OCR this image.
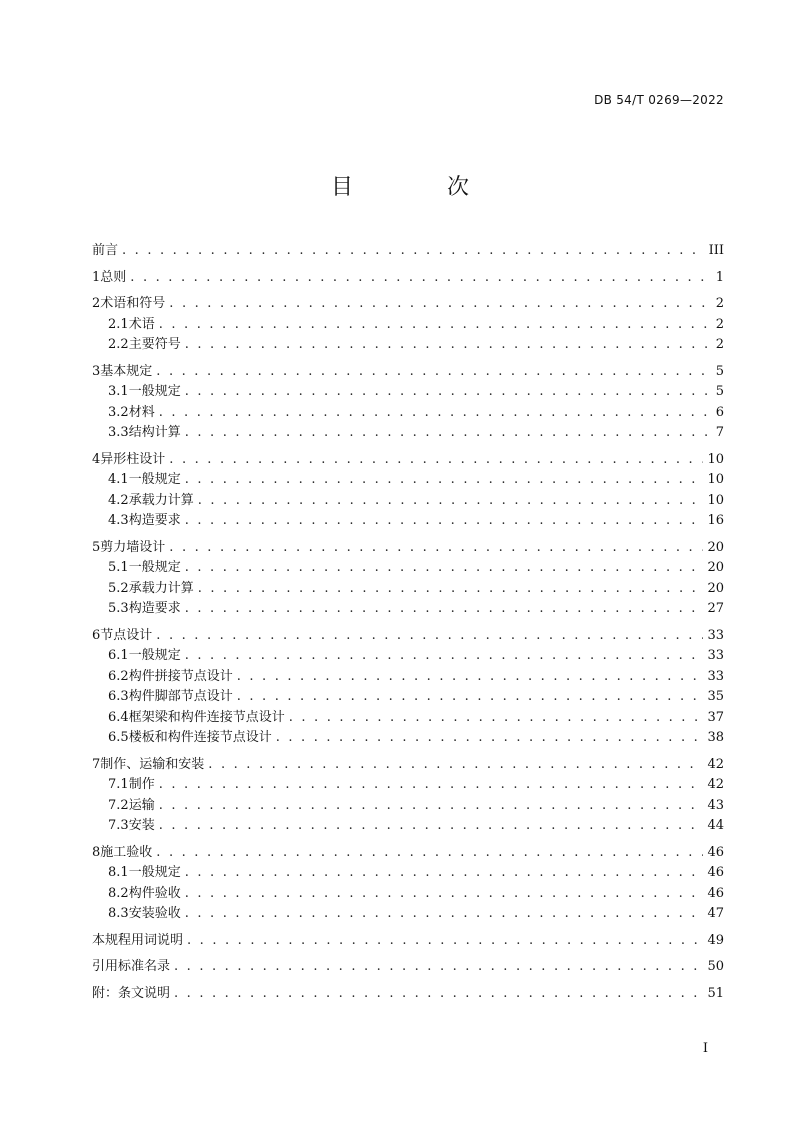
DB 54/T 0269—2022
目　次
前言 . . .	III
1 总则 . . .	1
2 术语和符号 . . .	2
2.1 术语 . . .	2
2.2 主要符号 . . .	2
3 基本规定 . . .	5
3.1 一般规定 . . .	5
3.2 材料 . . .	6
3.3 结构计算 . . .	7
4 异形柱设计 . . .	10
4.1 一般规定 . . .	10
4.2 承载力计算 . . .	10
4.3 构造要求 . . .	16
5 剪力墙设计 . . .	20
5.1 一般规定 . . .	20
5.2 承载力计算 . . .	20
5.3 构造要求 . . .	27
6 节点设计 . . .	33
6.1 一般规定 . . .	33
6.2 构件拼接节点设计 . . .	33
6.3 构件脚部节点设计 . . .	35
6.4 框架梁和构件连接节点设计 . . .	37
6.5 楼板和构件连接节点设计 . . .	38
7 制作、运输和安装 . . .	42
7.1 制作 . . .	42
7.2 运输 . . .	43
7.3 安装 . . .	44
8 施工验收 . . .	46
8.1 一般规定 . . .	46
8.2 构件验收 . . .	46
8.3 安装验收 . . .	47
本规程用词说明 . . .	49
引用标准名录 . . .	50
附：条文说明 . . .	51
I
